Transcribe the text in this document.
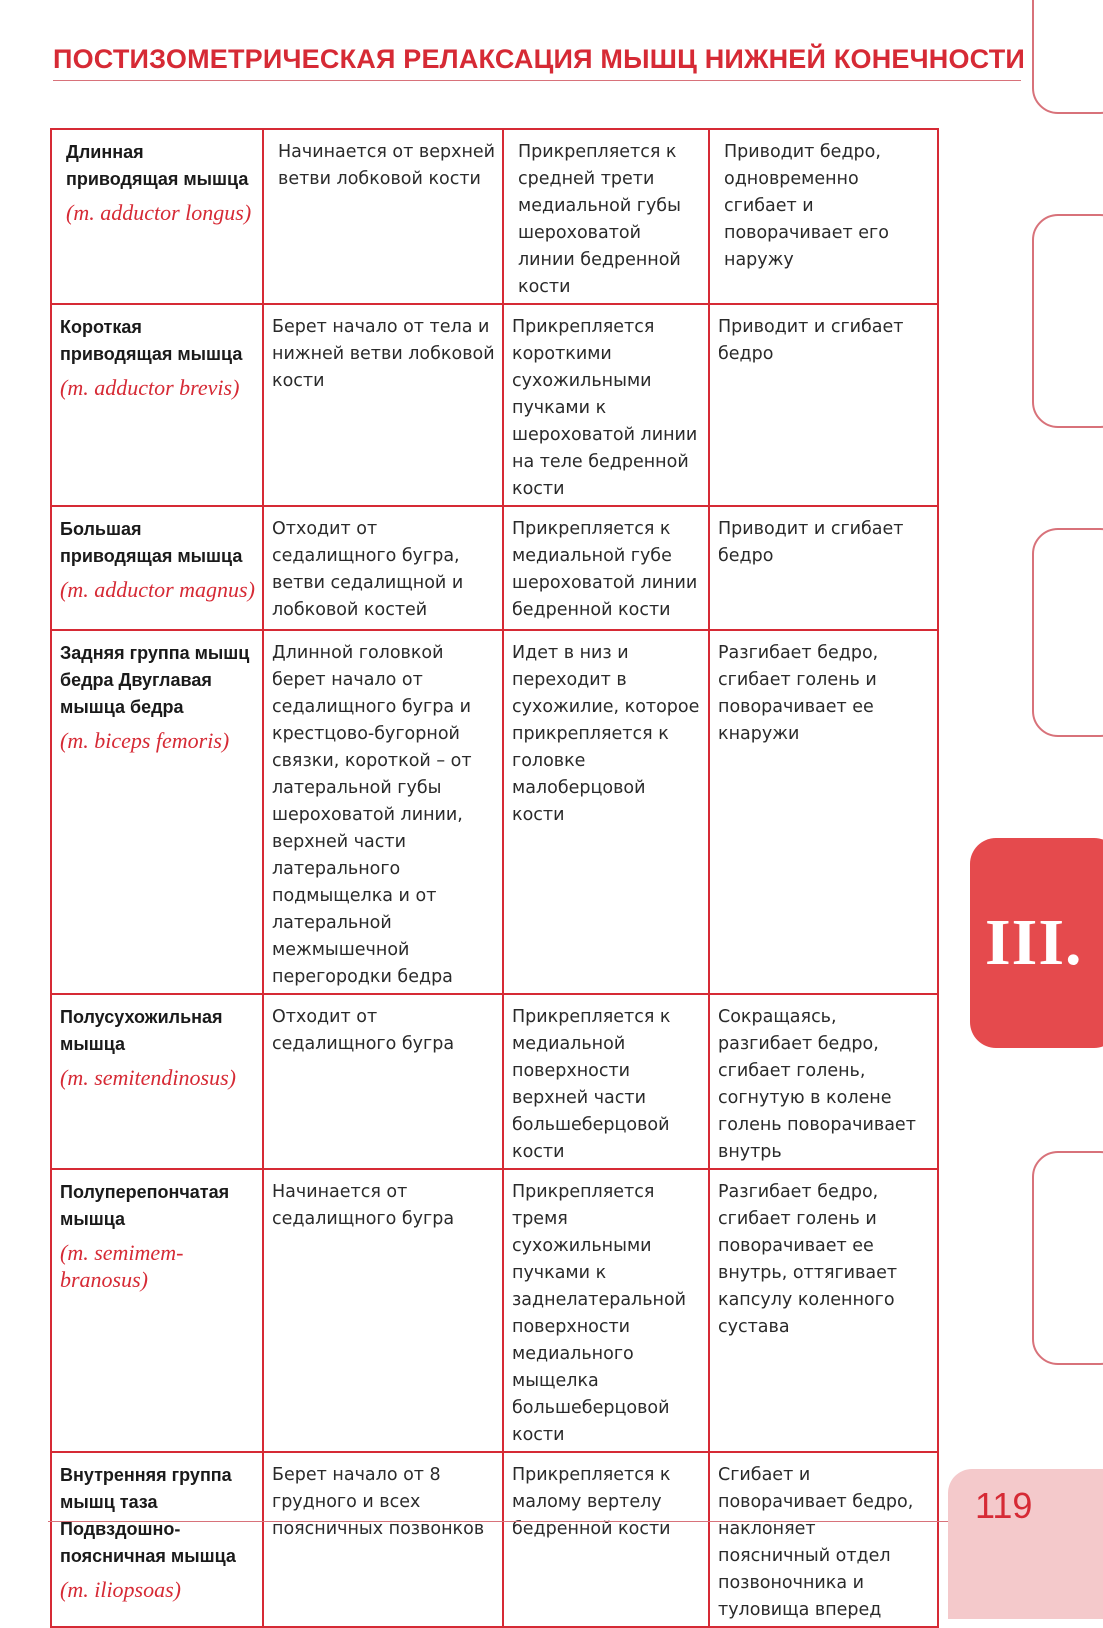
ПОСТИЗОМЕТРИЧЕСКАЯ РЕЛАКСАЦИЯ МЫШЦ НИЖНЕЙ КОНЕЧНОСТИ
III.
Длинная приводящая мышца
(m. adductor longus)	Начинается от верхней ветви лобковой кости	Прикрепляется к средней трети медиальной губы шероховатой линии бедренной кости	Приводит бедро, одновременно сгибает и поворачивает его наружу

Короткая приводящая мышца
(m. adductor brevis)	Берет начало от тела и нижней ветви лобковой кости	Прикрепляется короткими сухожильными пучками к шероховатой линии на теле бедренной кости	Приводит и сгибает бедро

Большая приводящая мышца
(m. adductor magnus)	Отходит от седалищного бугра, ветви седалищной и лобковой костей	Прикрепляется к медиальной губе шероховатой линии бедренной кости	Приводит и сгибает бедро

Задняя группа мышц бедра Двуглавая мышца бедра
(m. biceps femoris)	Длинной головкой берет начало от седалищного бугра и крестцово-бугорной связки, короткой – от латеральной губы шероховатой линии, верхней части латерального подмыщелка и от латеральной межмышечной перегородки бедра	Идет в низ и переходит в сухожилие, которое прикрепляется к головке малоберцовой кости	Разгибает бедро, сгибает голень и поворачивает ее кнаружи

Полусухожильная мышца
(m. semitendinosus)	Отходит от седалищного бугра	Прикрепляется к медиальной поверхности верхней части большеберцовой кости	Сокращаясь, разгибает бедро, сгибает голень, согнутую в колене голень поворачивает внутрь

Полуперепончатая мышца
(m. semimem-branosus)	Начинается от седалищного бугра	Прикрепляется тремя сухожильными пучками к заднелатеральной поверхности медиального мыщелка большеберцовой кости	Разгибает бедро, сгибает голень и поворачивает ее внутрь, оттягивает капсулу коленного сустава

Внутренняя группа мышц таза Подвздошно-поясничная мышца
(m. iliopsoas)	Берет начало от 8 грудного и всех поясничных позвонков	Прикрепляется к малому вертелу бедренной кости	Сгибает и поворачивает бедро, наклоняет поясничный отдел позвоночника и туловища вперед
119
